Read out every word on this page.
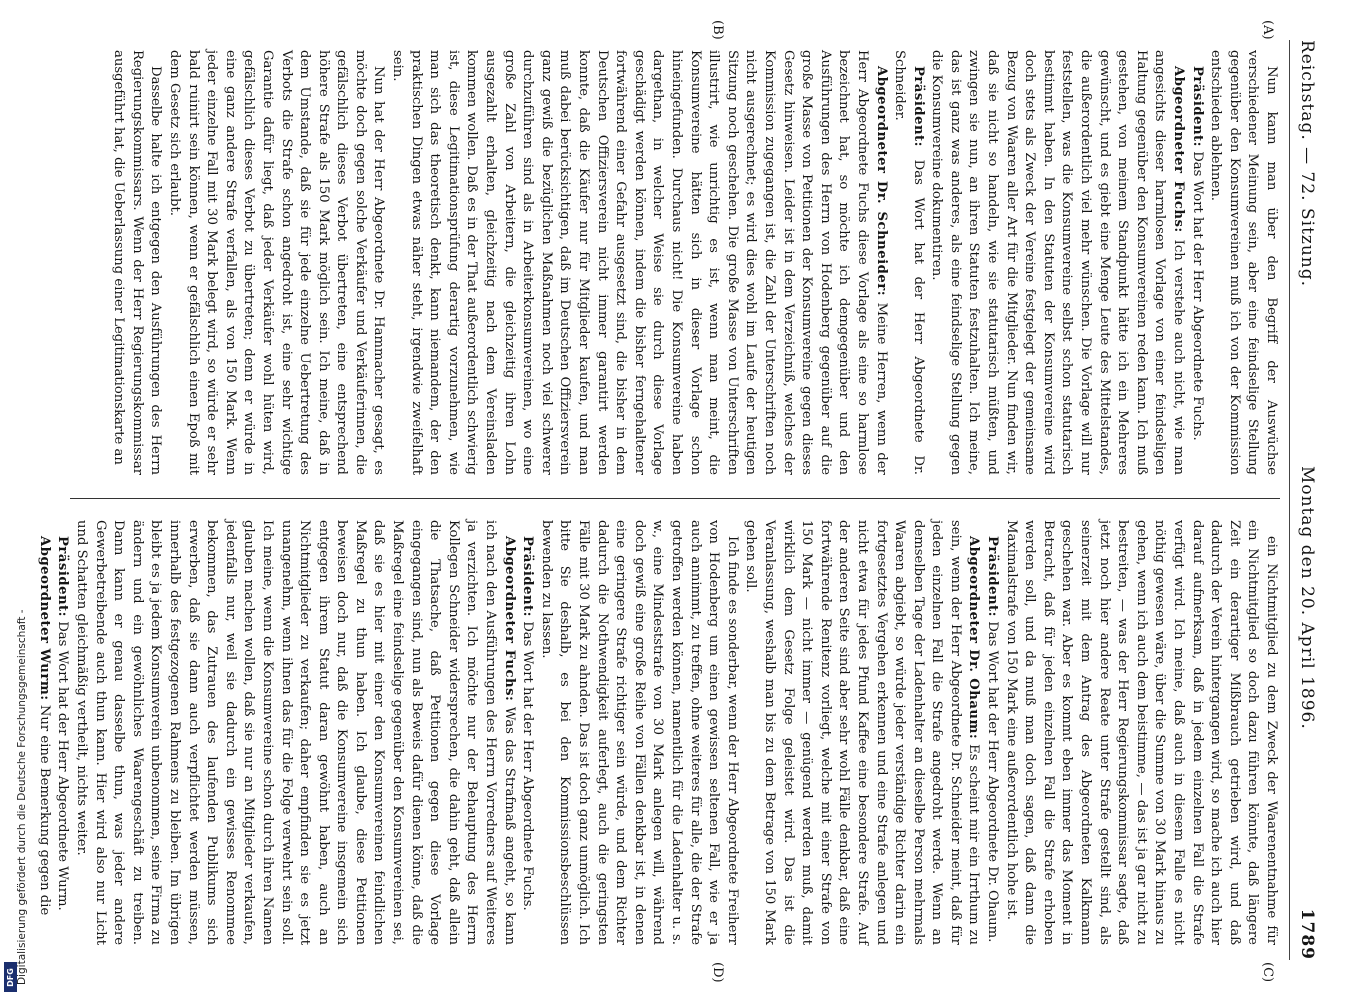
Reichstag. — 72. Sitzung.
Montag den 20. April 1896.
1789
(A)
(B)
(C)
(D)

Nun kann man über den Begriff der Auswüchse verschiedener Meinung sein, aber eine feindselige Stellung gegenüber den Konsumvereinen muß ich von der Kommission entschieden ablehnen.

Präsident: Das Wort hat der Herr Abgeordnete Fuchs.

Abgeordneter Fuchs: Ich verstehe auch nicht, wie man angesichts dieser harmlosen Vorlage von einer feindseligen Haltung gegenüber den Konsumvereinen reden kann. Ich muß gestehen, von meinem Standpunkt hätte ich ein Mehreres gewünscht, und es giebt eine Menge Leute des Mittelstandes, die außerordentlich viel mehr wünschen. Die Vorlage will nur feststellen, was die Konsumvereine selbst schon statutarisch bestimmt haben. In den Statuten der Konsumvereine wird doch stets als Zweck der Vereine festgelegt der gemeinsame Bezug von Waaren aller Art für die Mitglieder. Nun finden wir, daß sie nicht so handeln, wie sie statutarisch müßten, und zwingen sie nun, an ihren Statuten festzuhalten. Ich meine, das ist ganz was anderes, als eine feindselige Stellung gegen die Konsumvereine dokumentiren.

Präsident: Das Wort hat der Herr Abgeordnete Dr. Schneider.

Abgeordneter Dr. Schneider: Meine Herren, wenn der Herr Abgeordnete Fuchs diese Vorlage als eine so harmlose bezeichnet hat, so möchte ich demgegenüber und den Ausführungen des Herrn von Hodenberg gegenüber auf die große Masse von Petitionen der Konsumvereine gegen dieses Gesetz hinweisen. Leider ist in dem Verzeichniß, welches der Kommission zugegangen ist, die Zahl der Unterschriften noch nicht ausgerechnet; es wird dies wohl im Laufe der heutigen Sitzung noch geschehen. Die große Masse von Unterschriften illustrirt, wie unrichtig es ist, wenn man meint, die Konsumvereine hätten sich in dieser Vorlage schon hineingefunden. Durchaus nicht! Die Konsumvereine haben dargethan, in welcher Weise sie durch diese Vorlage geschädigt werden können, indem die bisher ferngehaltener fortwährend einer Gefahr ausgesetzt sind, die bisher in dem Deutschen Offiziersverein nicht immer garantirt werden konnte, daß die Käufer nur für Mitglieder kaufen, und man muß dabei berücksichtigen, daß im Deutschen Offiziersverein ganz gewiß die bezüglichen Maßnahmen noch viel schwerer durchzuführen sind als in Arbeiterkonsumvereinen, wo eine große Zahl von Arbeitern, die gleichzeitig ihren Lohn ausgezahlt erhalten, gleichzeitig nach dem Vereinsladen kommen wollen. Daß es in der That außerordentlich schwierig ist, diese Legitimationsprüfung derartig vorzunehmen, wie man sich das theoretisch denkt, kann niemandem, der den praktischen Dingen etwas näher steht, irgendwie zweifelhaft sein.

Nun hat der Herr Abgeordnete Dr. Hammacher gesagt, es möchte doch gegen solche Verkäufer und Verkäuferinnen, die gefälschlich dieses Verbot übertreten, eine entsprechend höhere Strafe als 150 Mark möglich sein. Ich meine, daß in dem Umstande, daß sie für jede einzelne Uebertretung des Verbots die Strafe schon angedroht ist, eine sehr wichtige Garantie dafür liegt, daß jeder Verkäufer wohl hüten wird, gefälschlich dieses Verbot zu übertreten; denn er würde in eine ganz andere Strafe verfallen, als von 150 Mark. Wenn jeder einzelne Fall mit 30 Mark belegt wird, so würde er sehr bald ruinirt sein können, wenn er gefälschlich einen Epoß mit dem Gesetz sich erlaubt.

Dasselbe halte ich entgegen den Ausführungen des Herrn Regierungskommissars. Wenn der Herr Regierungskommissar ausgeführt hat, die Ueberlassung einer Legitimationskarte an

ein Nichtmitglied zu dem Zweck der Waarenentnahme für ein Nichtmitglied so doch dazu führen könnte, daß längere Zeit ein derartiger Mißbrauch getrieben wird, und daß dadurch der Verein hintergangen wird, so mache ich auch hier darauf aufmerksam, daß in jedem einzelnen Fall die Strafe verfügt wird. Ich meine, daß auch in diesem Falle es nicht nöthig gewesen wäre, über die Summe von 30 Mark hinaus zu gehen, wenn ich auch dem beistimme, — das ist ja gar nicht zu bestreiten, — was der Herr Regierungskommissar sagte, daß jetzt noch hier andere Reate unter Strafe gestellt sind, als seinerzeit mit dem Antrag des Abgeordneten Kalkmann geschehen war. Aber es kommt eben immer das Moment in Betracht, daß für jeden einzelnen Fall die Strafe erhoben werden soll, und da muß man doch sagen, daß dann die Maximalstrafe von 150 Mark eine außerordentlich hohe ist.

Präsident: Das Wort hat der Herr Abgeordnete Dr. Ohaum.

Abgeordneter Dr. Ohaum: Es scheint mir ein Irrthum zu sein, wenn der Herr Abgeordnete Dr. Schneider meint, daß für jeden einzelnen Fall die Strafe angedroht werde. Wenn an demselben Tage der Ladenhalter an dieselbe Person mehrmals Waaren abgiebt, so würde jeder verständige Richter darin ein fortgesetztes Vergehen erkennen und eine Strafe anlegen und nicht etwa für jedes Pfund Kaffee eine besondere Strafe. Auf der anderen Seite sind aber sehr wohl Fälle denkbar, daß eine fortwährende Renitenz vorliegt, welche mit einer Strafe von 150 Mark — nicht immer — genügend werden muß, damit wirklich dem Gesetz Folge geleistet wird. Das ist die Veranlassung, weshalb man bis zu dem Betrage von 150 Mark gehen soll.

Ich finde es sonderbar, wenn der Herr Abgeordnete Freiherr von Hodenberg um einen gewissen seltenen Fall, wie er ja auch annimmt, zu treffen, ohne weiteres für alle, die der Strafe getroffen werden können, namentlich für die Ladenhalter u. s. w., eine Mindeststrafe von 30 Mark anlegen will, während doch gewiß eine große Reihe von Fällen denkbar ist, in denen eine geringere Strafe richtiger sein würde, und dem Richter dadurch die Nothwendigkeit auferlegt, auch die geringsten Fälle mit 30 Mark zu ahnden. Das ist doch ganz unmöglich. Ich bitte Sie deshalb, es bei den Kommissionsbeschlüssen bewenden zu lassen.

Präsident: Das Wort hat der Herr Abgeordnete Fuchs.

Abgeordneter Fuchs: Was das Strafmaß angeht, so kann ich nach den Ausführungen des Herrn Vorredners auf Weiteres ja verzichten. Ich möchte nur der Behauptung des Herrn Kollegen Schneider widersprechen, die dahin geht, daß allein die Thatsache, daß Petitionen gegen diese Vorlage eingegangen sind, nun als Beweis dafür dienen könne, daß die Maßregel eine feindselige gegenüber den Konsumvereinen sei, daß sie es hier mit einer den Konsumvereinen feindlichen Maßregel zu thun haben. Ich glaube, diese Petitionen beweisen doch nur, daß die Konsumvereine insgemein sich entgegen ihrem Statut daran gewöhnt haben, auch an Nichtmitglieder zu verkaufen; daher empfinden sie es jetzt unangenehm, wenn ihnen das für die Folge verwehrt sein soll. Ich meine, wenn die Konsumvereine schon durch ihren Namen glauben machen wollen, daß sie nur an Mitglieder verkaufen, jedenfalls nur, weil sie dadurch ein gewisses Renommee bekommen, das Zutrauen des laufenden Publikums sich erwerben, daß sie dann auch verpflichtet werden müssen, innerhalb des festgezogenen Rahmens zu bleiben. Im übrigen bleibt es ja jedem Konsumverein unbenommen, seine Firma zu ändern und ein gewöhnliches Waarengeschäft zu treiben. Dann kann er genau dasselbe thun, was jeder andere Gewerbetreibende auch thun kann. Hier wird also nur Licht und Schatten gleichmäßig vertheilt, nichts weiter.

Präsident: Das Wort hat der Herr Abgeordnete Wurm.

Abgeordneter Wurm: Nur eine Bemerkung gegen die

DFG Digitalisierung gefördert durch die Deutsche Forschungsgemeinschaft -
